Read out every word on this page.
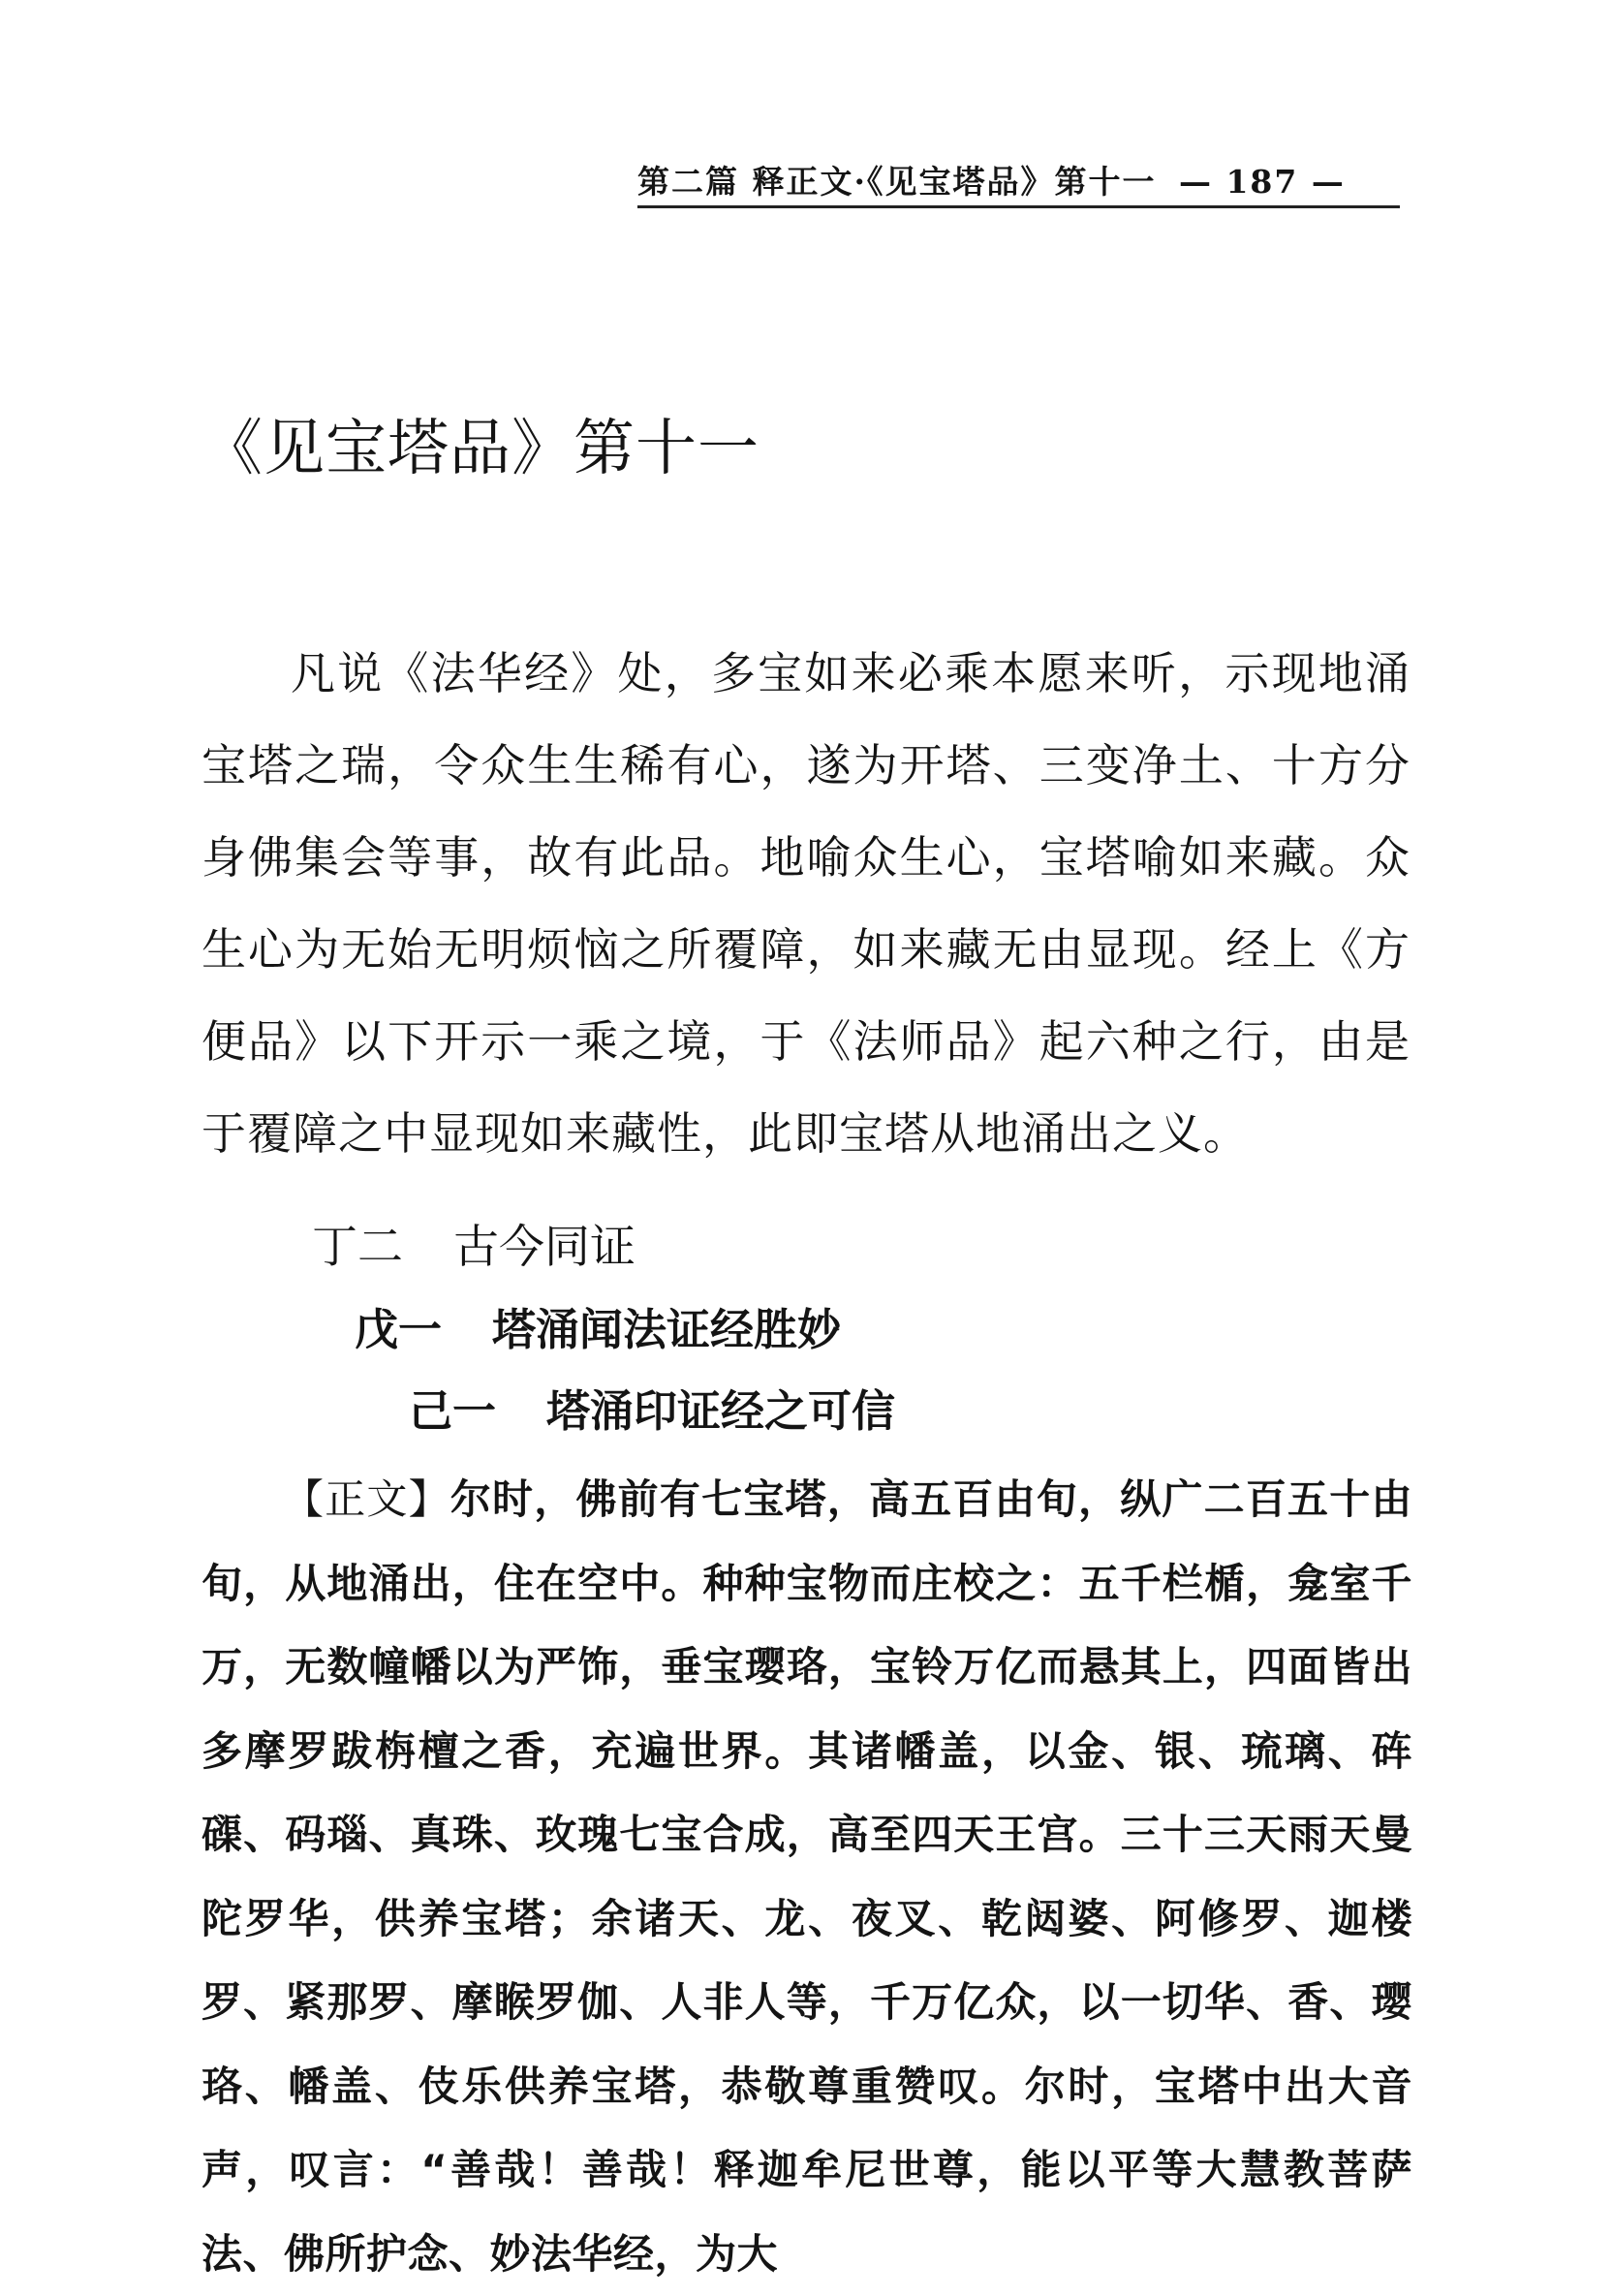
第二篇 释正文·《见宝塔品》第十一 — 187 —
《见宝塔品》第十一

凡说《法华经》处，多宝如来必乘本愿来听，示现地涌宝塔之瑞，令众生生稀有心，遂为开塔、三变净土、十方分身佛集会等事，故有此品。地喻众生心，宝塔喻如来藏。众生心为无始无明烦恼之所覆障，如来藏无由显现。经上《方便品》以下开示一乘之境，于《法师品》起六种之行，由是于覆障之中显现如来藏性，此即宝塔从地涌出之义。

丁二 古今同证
戊一 塔涌闻法证经胜妙
己一 塔涌印证经之可信

【正文】尔时，佛前有七宝塔，高五百由旬，纵广二百五十由旬，从地涌出，住在空中。种种宝物而庄校之：五千栏楯，龛室千万，无数幢幡以为严饰，垂宝璎珞，宝铃万亿而悬其上，四面皆出多摩罗跋栴檀之香，充遍世界。其诸幡盖，以金、银、琉璃、砗磲、码瑙、真珠、玫瑰七宝合成，高至四天王宫。三十三天雨天曼陀罗华，供养宝塔；余诸天、龙、夜叉、乾闼婆、阿修罗、迦楼罗、紧那罗、摩睺罗伽、人非人等，千万亿众，以一切华、香、璎珞、幡盖、伎乐供养宝塔，恭敬尊重赞叹。尔时，宝塔中出大音声，叹言：“善哉！善哉！释迦牟尼世尊，能以平等大慧教菩萨法、佛所护念、妙法华经，为大
